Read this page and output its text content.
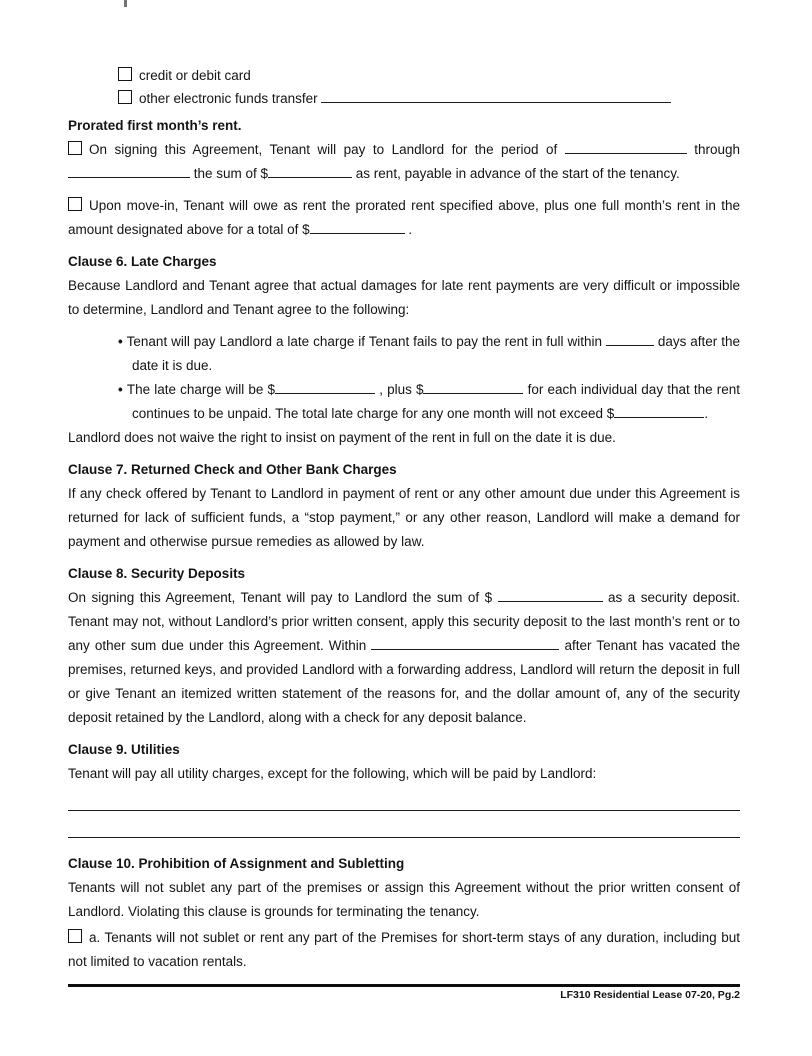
credit or debit card

other electronic funds transfer

Prorated first month’s rent.

On signing this Agreement, Tenant will pay to Landlord for the period of	through  the sum of $	as rent, payable in advance of the start of the tenancy.

Upon move-in, Tenant will owe as rent the prorated rent specified above, plus one full month’s rent in the amount designated above for a total of $	.

Clause 6. Late Charges

Because Landlord and Tenant agree that actual damages for late rent payments are very difficult or impossible to determine, Landlord and Tenant agree to the following:

• Tenant will pay Landlord a late charge if Tenant fails to pay the rent in full within	days after the date it is due.

• The late charge will be $	, plus $	for each individual day that the rent continues to be unpaid. The total late charge for any one month will not exceed $	.

Landlord does not waive the right to insist on payment of the rent in full on the date it is due.

Clause 7. Returned Check and Other Bank Charges

If any check offered by Tenant to Landlord in payment of rent or any other amount due under this Agreement is returned for lack of sufficient funds, a “stop payment,” or any other reason, Landlord will make a demand for payment and otherwise pursue remedies as allowed by law.

Clause 8. Security Deposits

On signing this Agreement, Tenant will pay to Landlord the sum of $	as a security deposit. Tenant may not, without Landlord’s prior written consent, apply this security deposit to the last month’s rent or to any other sum due under this Agreement. Within	after Tenant has vacated the premises, returned keys, and provided Landlord with a forwarding address, Landlord will return the deposit in full or give Tenant an itemized written statement of the reasons for, and the dollar amount of, any of the security deposit retained by the Landlord, along with a check for any deposit balance.

Clause 9. Utilities

Tenant will pay all utility charges, except for the following, which will be paid by Landlord:

Clause 10. Prohibition of Assignment and Subletting

Tenants will not sublet any part of the premises or assign this Agreement without the prior written consent of Landlord. Violating this clause is grounds for terminating the tenancy.

a. Tenants will not sublet or rent any part of the Premises for short-term stays of any duration, including but not limited to vacation rentals.

LF310 Residential Lease 07-20, Pg.2
